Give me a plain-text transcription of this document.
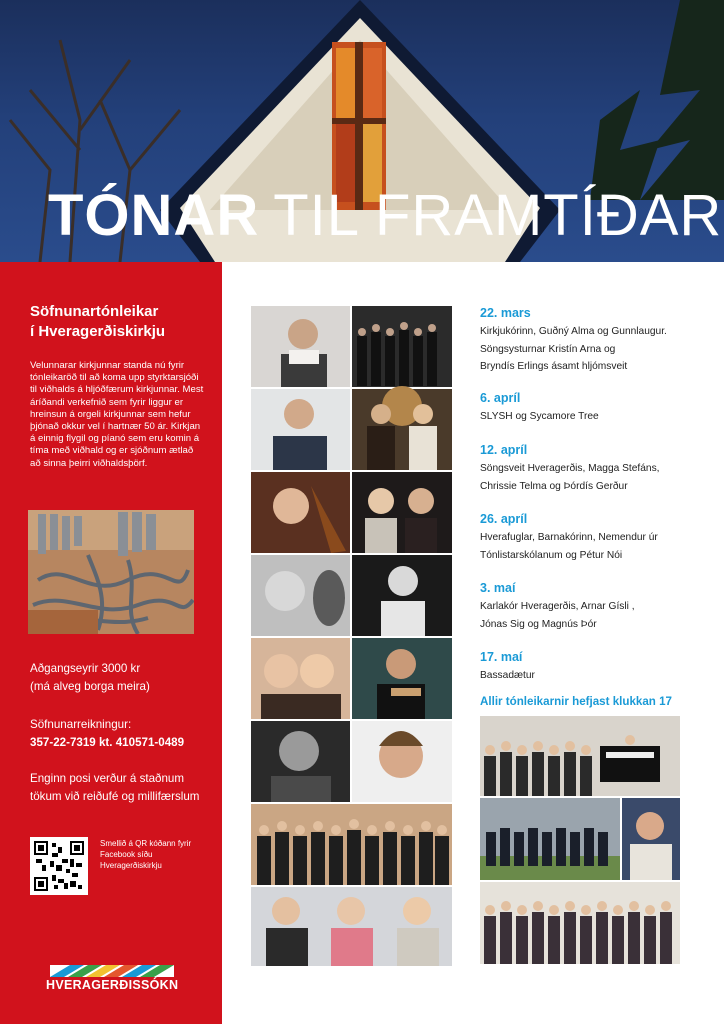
TÓNAR TIL FRAMTÍÐAR
Söfnunartónleikar
í Hveragerðiskirkju
Velunnarar kirkjunnar standa nú fyrir tónleikaröð til að koma upp styrktarsjóði til viðhalds á hljóðfærum kirkjunnar. Mest áríðandi verkefnið sem fyrir liggur er hreinsun á orgeli kirkjunnar sem hefur þjónað okkur vel í hartnær 50 ár. Kirkjan á einnig flygil og píanó sem eru komin á tíma með viðhald og er sjóðnum ætlað að sinna þeirri viðhaldsþörf.
Aðgangseyrir 3000 kr
(má alveg borga meira)
Söfnunarreikningur:
357-22-7319 kt. 410571-0489
Enginn posi verður á staðnum
tökum við reiðufé og millifærslum
Smellið á QR kóðann fyrir Facebook síðu Hveragerðiskirkju
HVERAGERÐISSÓKN
22. mars
Kirkjukórinn, Guðný Alma og Gunnlaugur.
Söngsysturnar Kristín Arna og
Bryndís Erlings ásamt hljómsveit
6. apríl
SLYSH og Sycamore Tree
12. apríl
Söngsveit Hveragerðis, Magga Stefáns,
Chrissie Telma og Þórdís Gerður
26. apríl
Hverafuglar, Barnakórinn, Nemendur úr
Tónlistarskólanum og Pétur Nói
3. maí
Karlakór Hveragerðis, Arnar Gísli ,
Jónas Sig og Magnús Þór
17. maí
Bassadætur
Allir tónleikarnir hefjast klukkan 17
